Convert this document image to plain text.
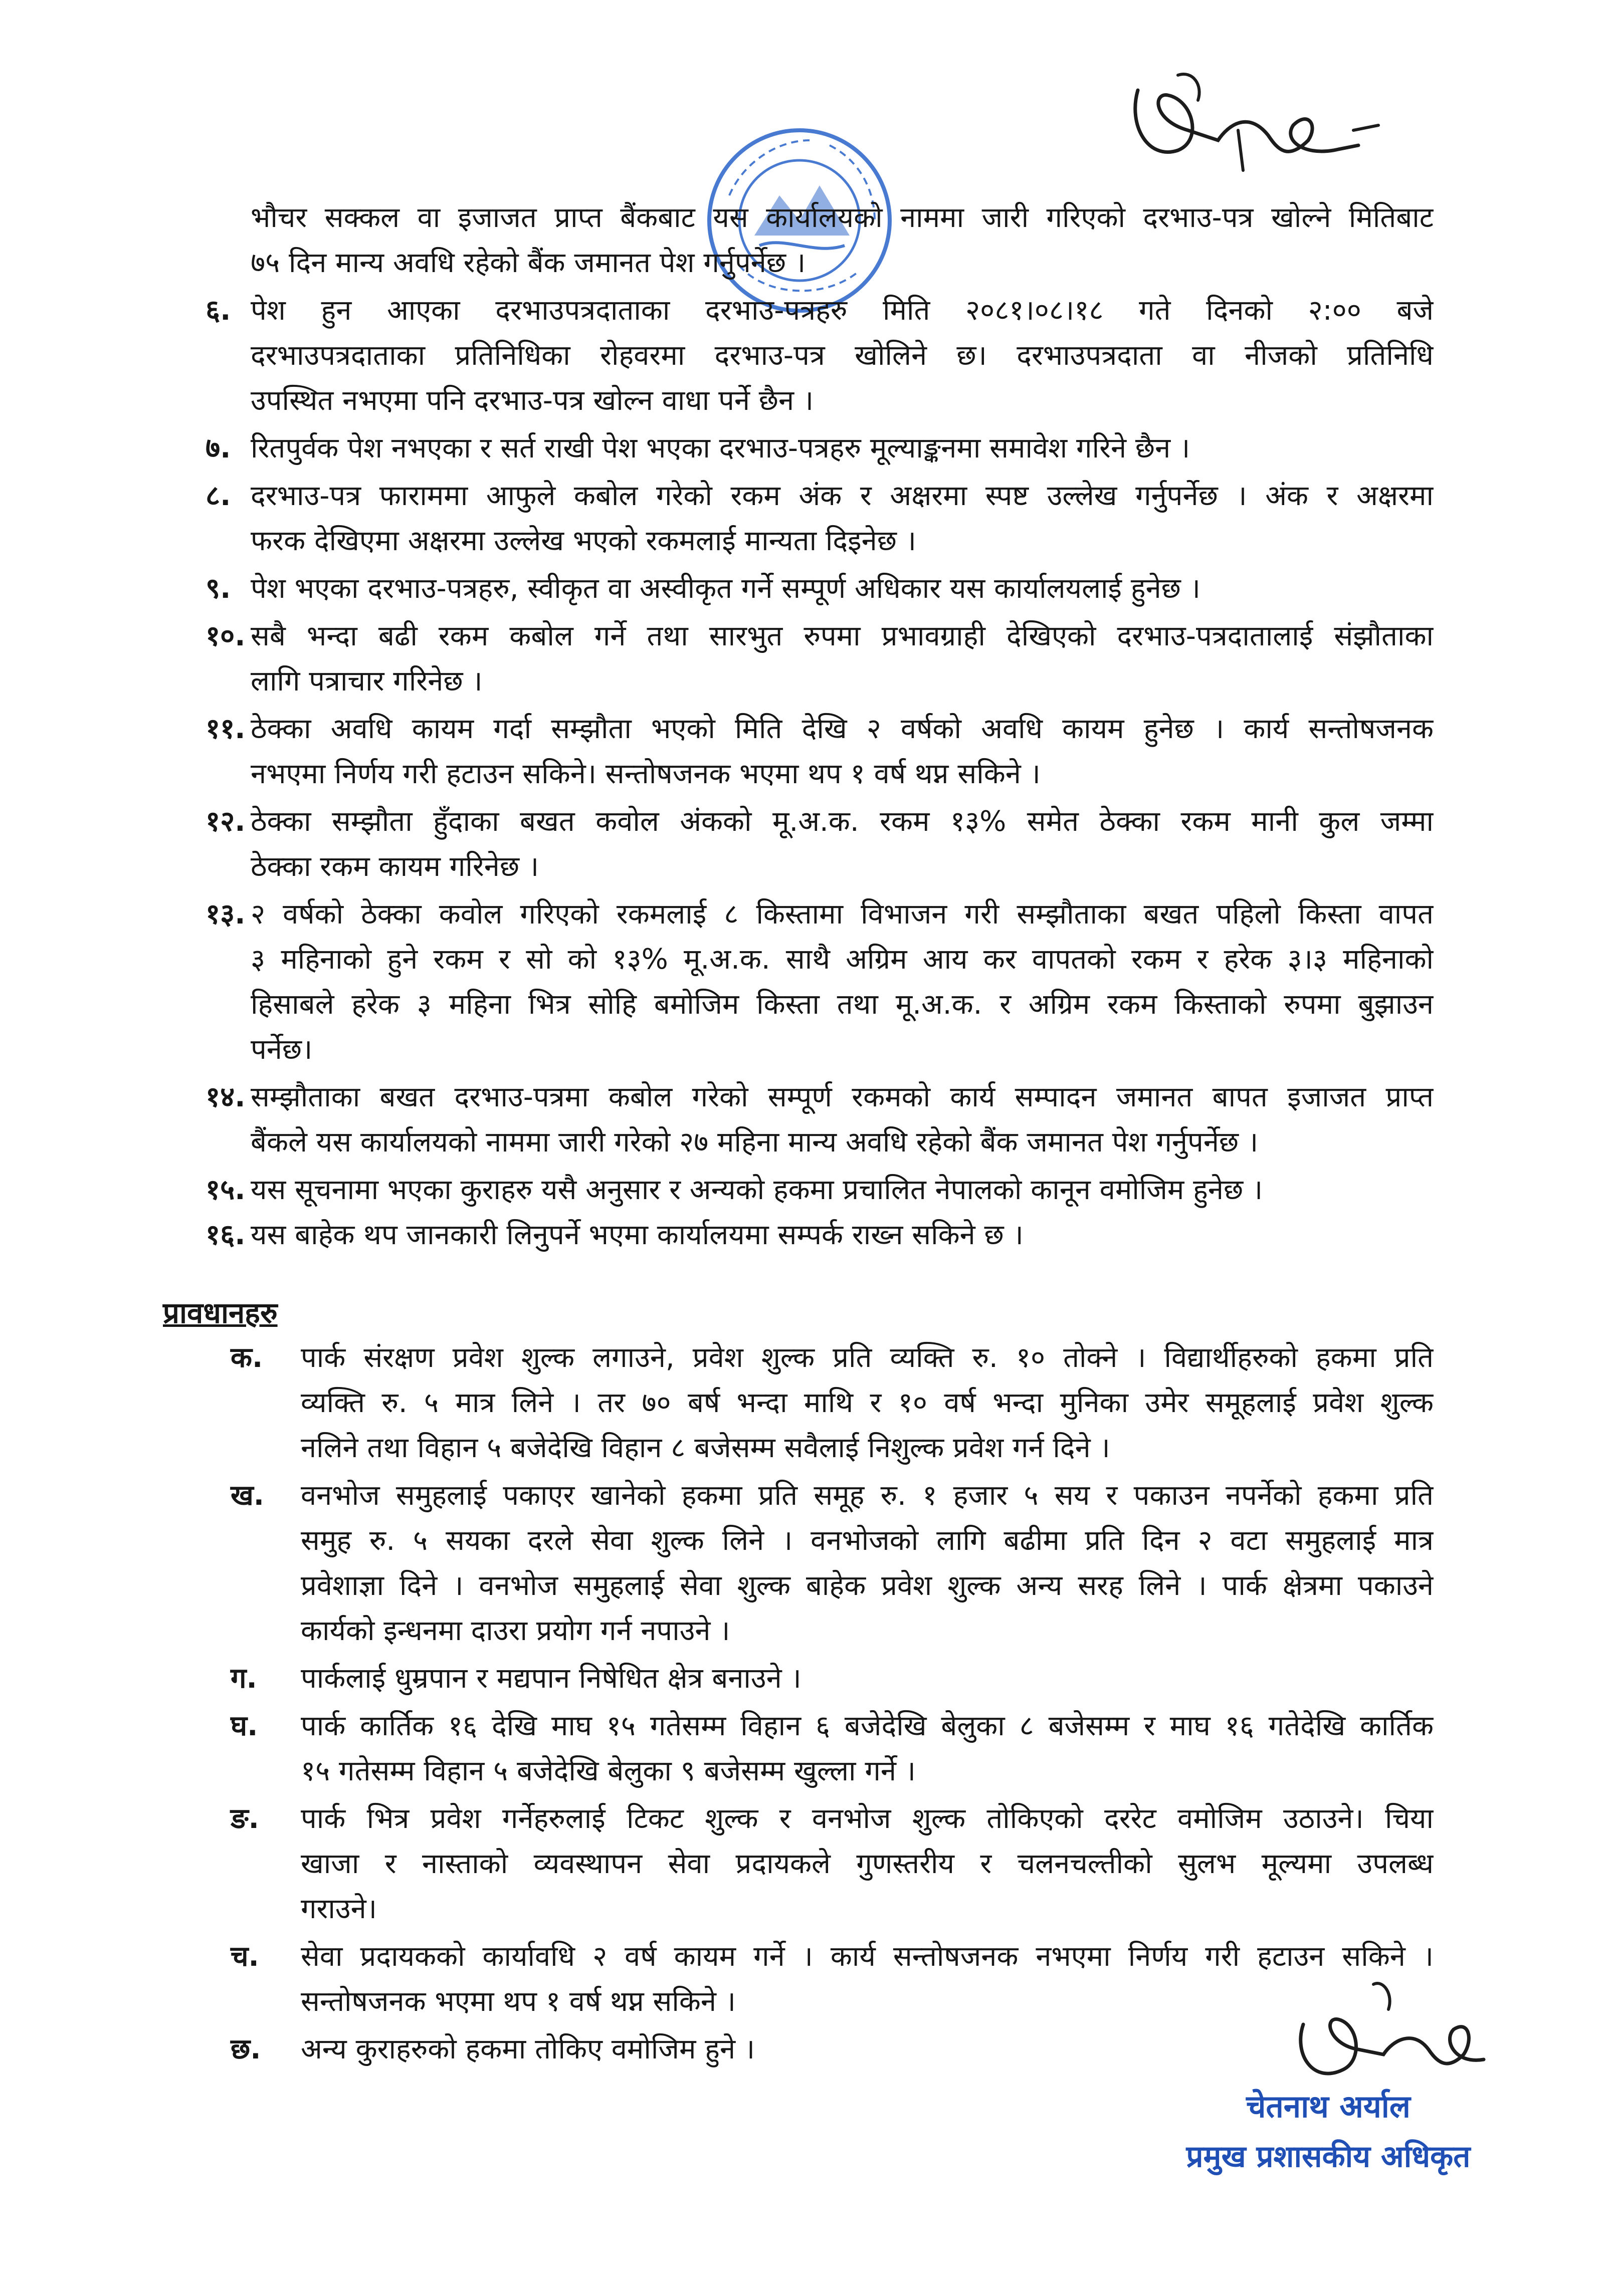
भौचर सक्कल वा इजाजत प्राप्त बैंकबाट यस कार्यालयको नाममा जारी गरिएको दरभाउ-पत्र खोल्ने मितिबाट
७५ दिन मान्य अवधि रहेको बैंक जमानत पेश गर्नुपर्नेछ ।
६. पेश हुन आएका दरभाउपत्रदाताका दरभाउ-पत्रहरु मिति २०८१।०८।१८ गते दिनको २:०० बजे
दरभाउपत्रदाताका प्रतिनिधिका रोहवरमा दरभाउ-पत्र खोलिने छ। दरभाउपत्रदाता वा नीजको प्रतिनिधि
उपस्थित नभएमा पनि दरभाउ-पत्र खोल्न वाधा पर्ने छैन ।
७. रितपुर्वक पेश नभएका र सर्त राखी पेश भएका दरभाउ-पत्रहरु मूल्याङ्कनमा समावेश गरिने छैन ।
८. दरभाउ-पत्र फाराममा आफुले कबोल गरेको रकम अंक र अक्षरमा स्पष्ट उल्लेख गर्नुपर्नेछ । अंक र अक्षरमा
फरक देखिएमा अक्षरमा उल्लेख भएको रकमलाई मान्यता दिइनेछ ।
९. पेश भएका दरभाउ-पत्रहरु, स्वीकृत वा अस्वीकृत गर्ने सम्पूर्ण अधिकार यस कार्यालयलाई हुनेछ ।
१०. सबै भन्दा बढी रकम कबोल गर्ने तथा सारभुत रुपमा प्रभावग्राही देखिएको दरभाउ-पत्रदातालाई संझौताका
लागि पत्राचार गरिनेछ ।
११. ठेक्का अवधि कायम गर्दा सम्झौता भएको मिति देखि २ वर्षको अवधि कायम हुनेछ । कार्य सन्तोषजनक
नभएमा निर्णय गरी हटाउन सकिने। सन्तोषजनक भएमा थप १ वर्ष थप्न सकिने ।
१२. ठेक्का सम्झौता हुँदाका बखत कवोल अंकको मू.अ.क. रकम १३% समेत ठेक्का रकम मानी कुल जम्मा
ठेक्का रकम कायम गरिनेछ ।
१३. २ वर्षको ठेक्का कवोल गरिएको रकमलाई ८ किस्तामा विभाजन गरी सम्झौताका बखत पहिलो किस्ता वापत
३ महिनाको हुने रकम र सो को १३% मू.अ.क. साथै अग्रिम आय कर वापतको रकम र हरेक ३।३ महिनाको
हिसाबले हरेक ३ महिना भित्र सोहि बमोजिम किस्ता तथा मू.अ.क. र अग्रिम रकम किस्ताको रुपमा बुझाउन
पर्नेछ।
१४. सम्झौताका बखत दरभाउ-पत्रमा कबोल गरेको सम्पूर्ण रकमको कार्य सम्पादन जमानत बापत इजाजत प्राप्त
बैंकले यस कार्यालयको नाममा जारी गरेको २७ महिना मान्य अवधि रहेको बैंक जमानत पेश गर्नुपर्नेछ ।
१५. यस सूचनामा भएका कुराहरु यसै अनुसार र अन्यको हकमा प्रचालित नेपालको कानून वमोजिम हुनेछ ।
१६. यस बाहेक थप जानकारी लिनुपर्ने भएमा कार्यालयमा सम्पर्क राख्न सकिने छ ।
प्रावधानहरु
क. पार्क संरक्षण प्रवेश शुल्क लगाउने, प्रवेश शुल्क प्रति व्यक्ति रु. १० तोक्ने । विद्यार्थीहरुको हकमा प्रति
व्यक्ति रु. ५ मात्र लिने । तर ७० बर्ष भन्दा माथि र १० वर्ष भन्दा मुनिका उमेर समूहलाई प्रवेश शुल्क
नलिने तथा विहान ५ बजेदेखि विहान ८ बजेसम्म सवैलाई निशुल्क प्रवेश गर्न दिने ।
ख. वनभोज समुहलाई पकाएर खानेको हकमा प्रति समूह रु. १ हजार ५ सय र पकाउन नपर्नेको हकमा प्रति
समुह रु. ५ सयका दरले सेवा शुल्क लिने । वनभोजको लागि बढीमा प्रति दिन २ वटा समुहलाई मात्र
प्रवेशाज्ञा दिने । वनभोज समुहलाई सेवा शुल्क बाहेक प्रवेश शुल्क अन्य सरह लिने । पार्क क्षेत्रमा पकाउने
कार्यको इन्धनमा दाउरा प्रयोग गर्न नपाउने ।
ग. पार्कलाई धुम्रपान र मद्यपान निषेधित क्षेत्र बनाउने ।
घ. पार्क कार्तिक १६ देखि माघ १५ गतेसम्म विहान ६ बजेदेखि बेलुका ८ बजेसम्म र माघ १६ गतेदेखि कार्तिक
१५ गतेसम्म विहान ५ बजेदेखि बेलुका ९ बजेसम्म खुल्ला गर्ने ।
ङ. पार्क भित्र प्रवेश गर्नेहरुलाई टिकट शुल्क र वनभोज शुल्क तोकिएको दररेट वमोजिम उठाउने। चिया
खाजा र नास्ताको व्यवस्थापन सेवा प्रदायकले गुणस्तरीय र चलनचल्तीको सुलभ मूल्यमा उपलब्ध
गराउने।
च. सेवा प्रदायकको कार्यावधि २ वर्ष कायम गर्ने । कार्य सन्तोषजनक नभएमा निर्णय गरी हटाउन सकिने ।
सन्तोषजनक भएमा थप १ वर्ष थप्न सकिने ।
छ. अन्य कुराहरुको हकमा तोकिए वमोजिम हुने ।
चेतनाथ अर्याल
प्रमुख प्रशासकीय अधिकृत
